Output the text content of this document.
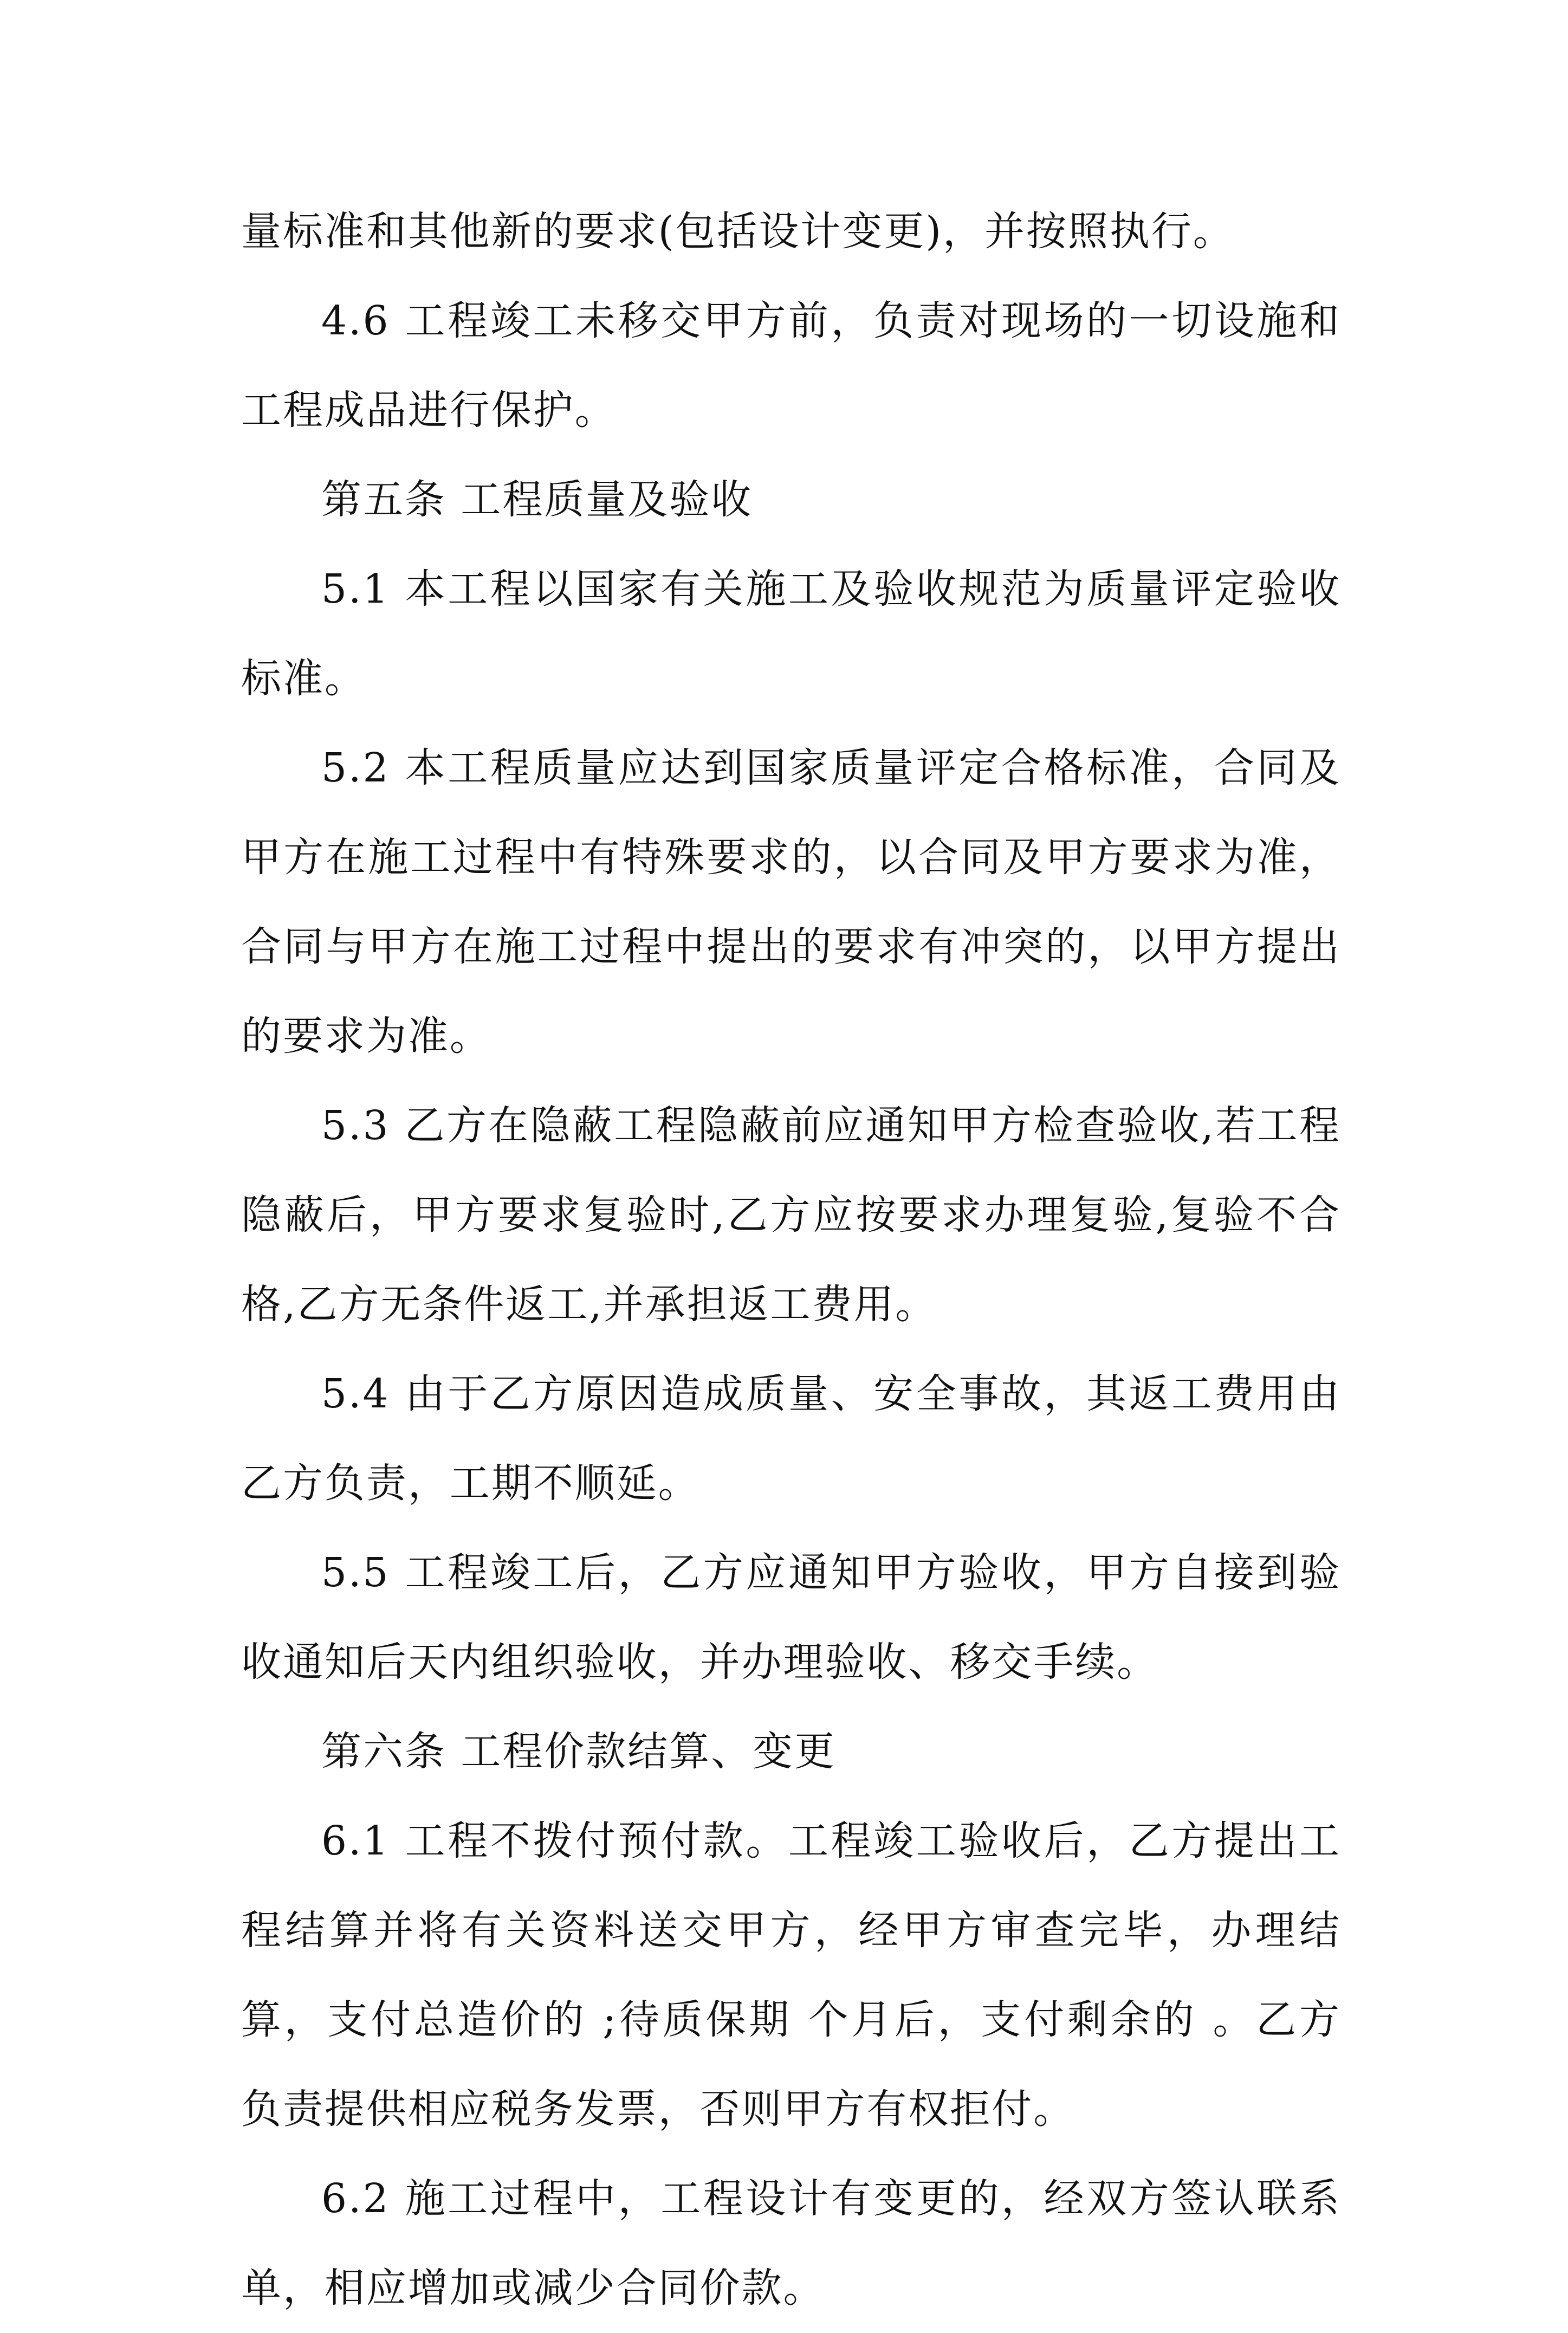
量标准和其他新的要求(包括设计变更)，并按照执行。

4.6 工程竣工未移交甲方前，负责对现场的一切设施和工程成品进行保护。

第五条 工程质量及验收

5.1 本工程以国家有关施工及验收规范为质量评定验收标准。

5.2 本工程质量应达到国家质量评定合格标准，合同及甲方在施工过程中有特殊要求的，以合同及甲方要求为准，合同与甲方在施工过程中提出的要求有冲突的，以甲方提出的要求为准。

5.3 乙方在隐蔽工程隐蔽前应通知甲方检查验收,若工程隐蔽后，甲方要求复验时,乙方应按要求办理复验,复验不合格,乙方无条件返工,并承担返工费用。

5.4 由于乙方原因造成质量、安全事故，其返工费用由乙方负责，工期不顺延。

5.5 工程竣工后，乙方应通知甲方验收，甲方自接到验收通知后天内组织验收，并办理验收、移交手续。

第六条 工程价款结算、变更

6.1 工程不拨付预付款。工程竣工验收后，乙方提出工程结算并将有关资料送交甲方，经甲方审查完毕，办理结算，支付总造价的 ;待质保期 个月后，支付剩余的 。乙方负责提供相应税务发票，否则甲方有权拒付。

6.2 施工过程中，工程设计有变更的，经双方签认联系单，相应增加或减少合同价款。
